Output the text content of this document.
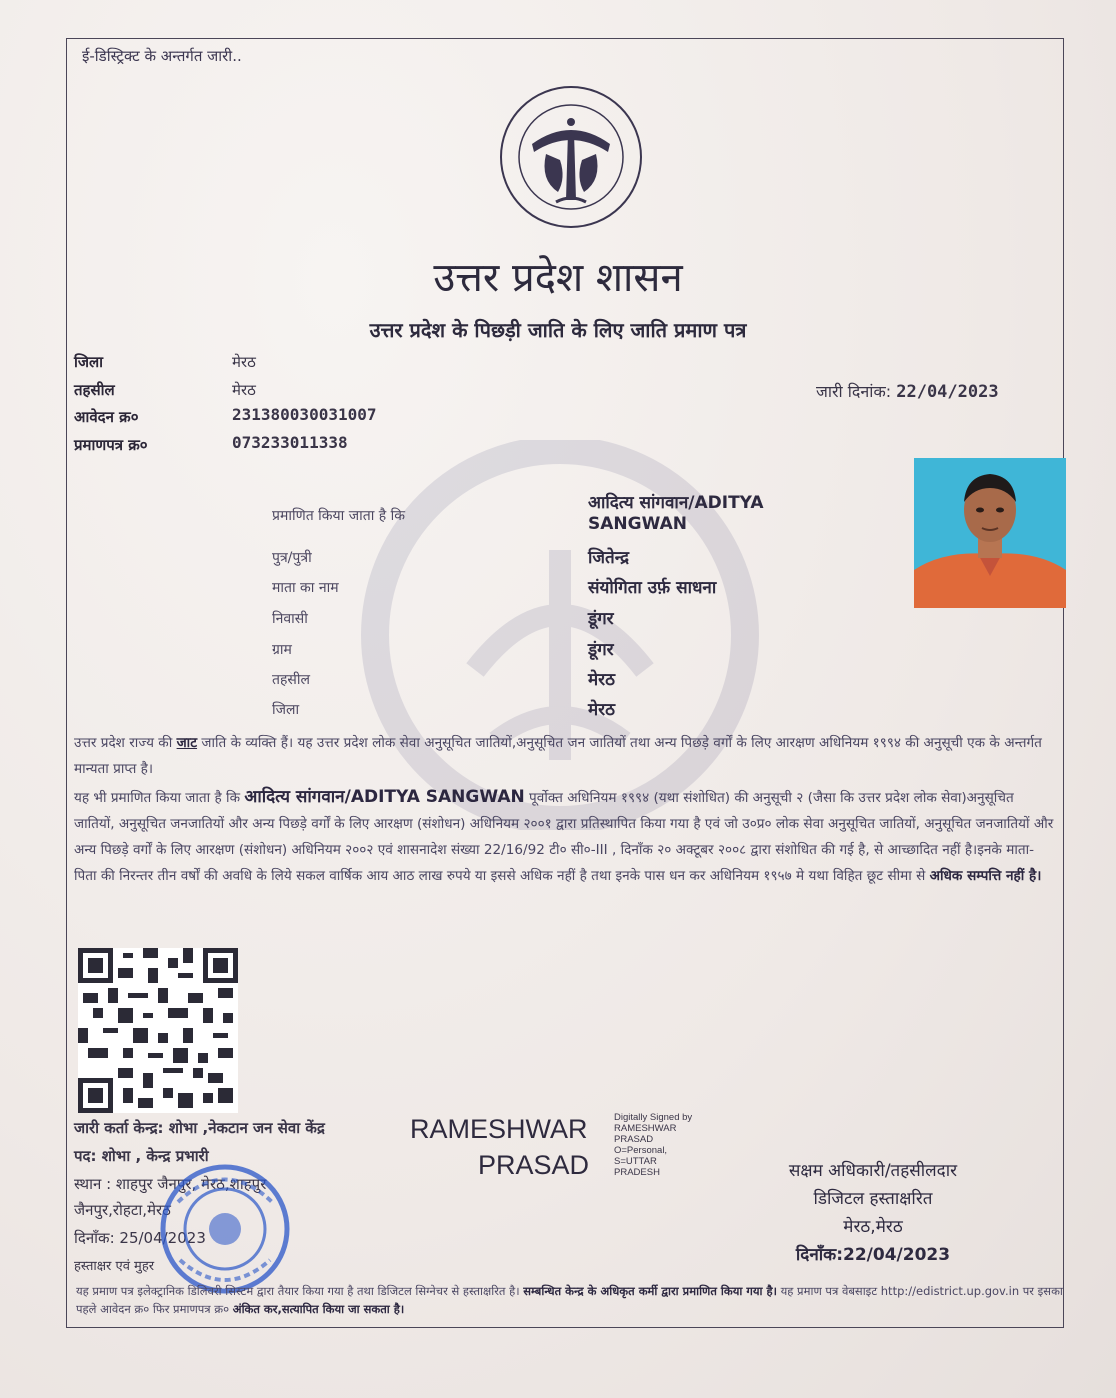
ई-डिस्ट्रिक्ट के अन्तर्गत जारी..
उत्तर प्रदेश शासन
उत्तर प्रदेश के पिछड़ी जाति के लिए जाति प्रमाण पत्र
जिला	मेरठ
तहसील	मेरठ
आवेदन क्र०	231380030031007
प्रमाणपत्र क्र०	073233011338
जारी दिनांक: 22/04/2023
प्रमाणित किया जाता है कि
आदित्य सांगवान/ADITYA
SANGWAN
पुत्र/पुत्री	जितेन्द्र
माता का नाम	संयोगिता उर्फ़ साधना
निवासी	डूंगर
ग्राम	डूंगर
तहसील	मेरठ
जिला	मेरठ
उत्तर प्रदेश राज्य की जाट जाति के व्यक्ति हैं। यह उत्तर प्रदेश लोक सेवा अनुसूचित जातियों,अनुसूचित जन जातियों तथा अन्य पिछड़े वर्गों के लिए आरक्षण अधिनियम १९९४ की अनुसूची एक के अन्तर्गत मान्यता प्राप्त है।
यह भी प्रमाणित किया जाता है कि आदित्य सांगवान/ADITYA SANGWAN पूर्वोक्त अधिनियम १९९४ (यथा संशोधित) की अनुसूची २ (जैसा कि उत्तर प्रदेश लोक सेवा)अनुसूचित जातियों, अनुसूचित जनजातियों और अन्य पिछड़े वर्गों के लिए आरक्षण (संशोधन) अधिनियम २००१ द्वारा प्रतिस्थापित किया गया है एवं जो उ०प्र० लोक सेवा अनुसूचित जातियों, अनुसूचित जनजातियों और अन्य पिछड़े वर्गों के लिए आरक्षण (संशोधन) अधिनियम २००२ एवं शासनादेश संख्या 22/16/92 टी० सी०-III , दिनाँक २० अक्टूबर २००८ द्वारा संशोधित की गई है, से आच्छादित नहीं है।इनके माता-पिता की निरन्तर तीन वर्षों की अवधि के लिये सकल वार्षिक आय आठ लाख रुपये या इससे अधिक नहीं है तथा इनके पास धन कर अधिनियम १९५७ मे यथा विहित छूट सीमा से अधिक सम्पत्ति नहीं है।
जारी कर्ता केन्द्र: शोभा ,नेकटान जन सेवा केंद्र
पद: शोभा , केन्द्र प्रभारी
स्थान : शाहपुर जैनपुर, मेरठ,शाहपुर
जैनपुर,रोहटा,मेरठ
दिनाँक: 25/04/2023
हस्ताक्षर एवं मुहर
RAMESHWAR
PRASAD
Digitally Signed by
RAMESHWAR PRASAD
O=Personal,
S=UTTAR PRADESH	सक्षम अधिकारी/तहसीलदार
डिजिटल हस्ताक्षरित
मेरठ,मेरठ
दिनाँक:22/04/2023
यह प्रमाण पत्र इलेक्ट्रानिक डिलिवरी सिस्टम द्वारा तैयार किया गया है तथा डिजिटल सिग्नेचर से हस्ताक्षरित है। सम्बन्धित केन्द्र के अधिकृत कर्मी द्वारा प्रमाणित किया गया है। यह प्रमाण पत्र वेबसाइट http://edistrict.up.gov.in पर इसका पहले आवेदन क्र० फिर प्रमाणपत्र क्र० अंकित कर,सत्यापित किया जा सकता है।
